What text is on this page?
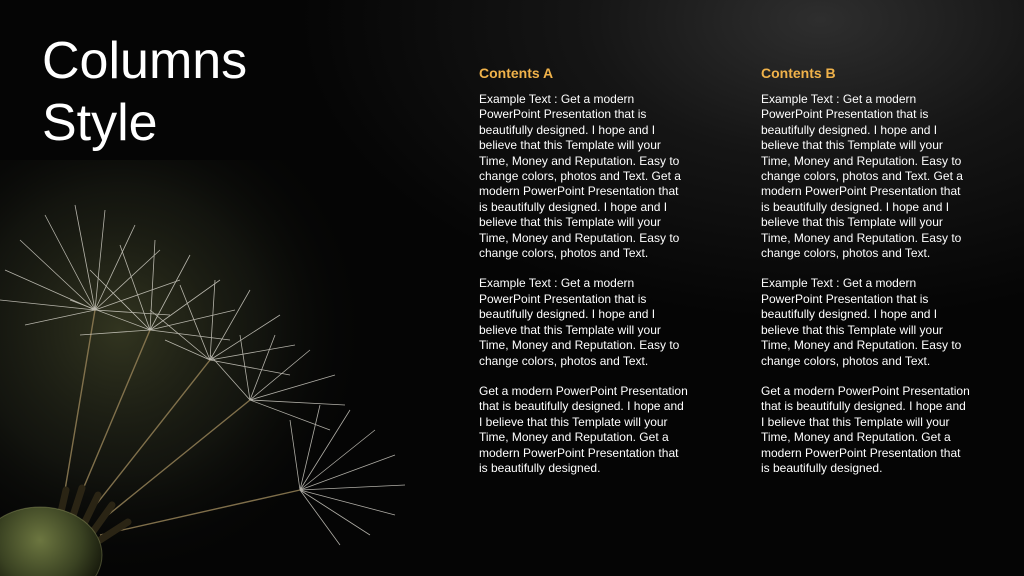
Columns
Style
Contents A

Example Text : Get a modern PowerPoint Presentation that is beautifully designed. I hope and I believe that this Template will your Time, Money and Reputation. Easy to change colors, photos and Text. Get a modern PowerPoint Presentation that is beautifully designed. I hope and I believe that this Template will your Time, Money and Reputation. Easy to change colors, photos and Text.

Example Text : Get a modern PowerPoint Presentation that is beautifully designed. I hope and I believe that this Template will your Time, Money and Reputation. Easy to change colors, photos and Text.

Get a modern PowerPoint Presentation that is beautifully designed. I hope and I believe that this Template will your Time, Money and Reputation. Get a modern PowerPoint Presentation that is beautifully designed.

Contents B

Example Text : Get a modern PowerPoint Presentation that is beautifully designed. I hope and I believe that this Template will your Time, Money and Reputation. Easy to change colors, photos and Text. Get a modern PowerPoint Presentation that is beautifully designed. I hope and I believe that this Template will your Time, Money and Reputation. Easy to change colors, photos and Text.

Example Text : Get a modern PowerPoint Presentation that is beautifully designed. I hope and I believe that this Template will your Time, Money and Reputation. Easy to change colors, photos and Text.

Get a modern PowerPoint Presentation that is beautifully designed. I hope and I believe that this Template will your Time, Money and Reputation. Get a modern PowerPoint Presentation that is beautifully designed.
